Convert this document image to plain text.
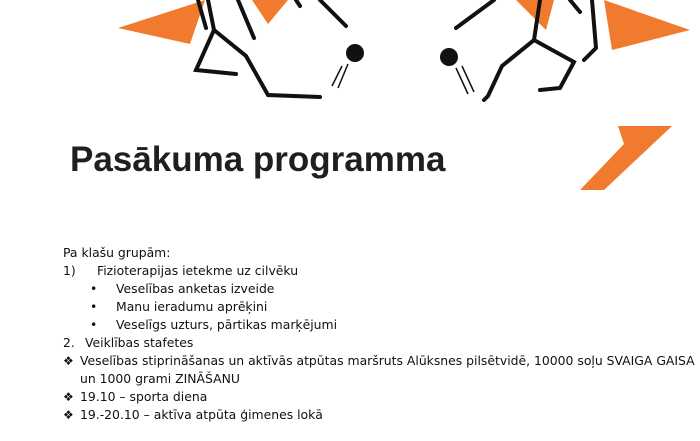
Pasākuma programma
Pa klašu grupām:
1) Fizioterapijas ietekme uz cilvēku
• Veselības anketas izveide
• Manu ieradumu aprēķini
• Veselīgs uzturs, pārtikas marķējumi
2. Veiklības stafetes
❖ Veselības stiprināšanas un aktīvās atpūtas maršruts Alūksnes pilsētvidē, 10000 soļu SVAIGA GAISA
un 1000 grami ZINĀŠANU
❖ 19.10 – sporta diena
❖ 19.-20.10 – aktīva atpūta ģimenes lokā
